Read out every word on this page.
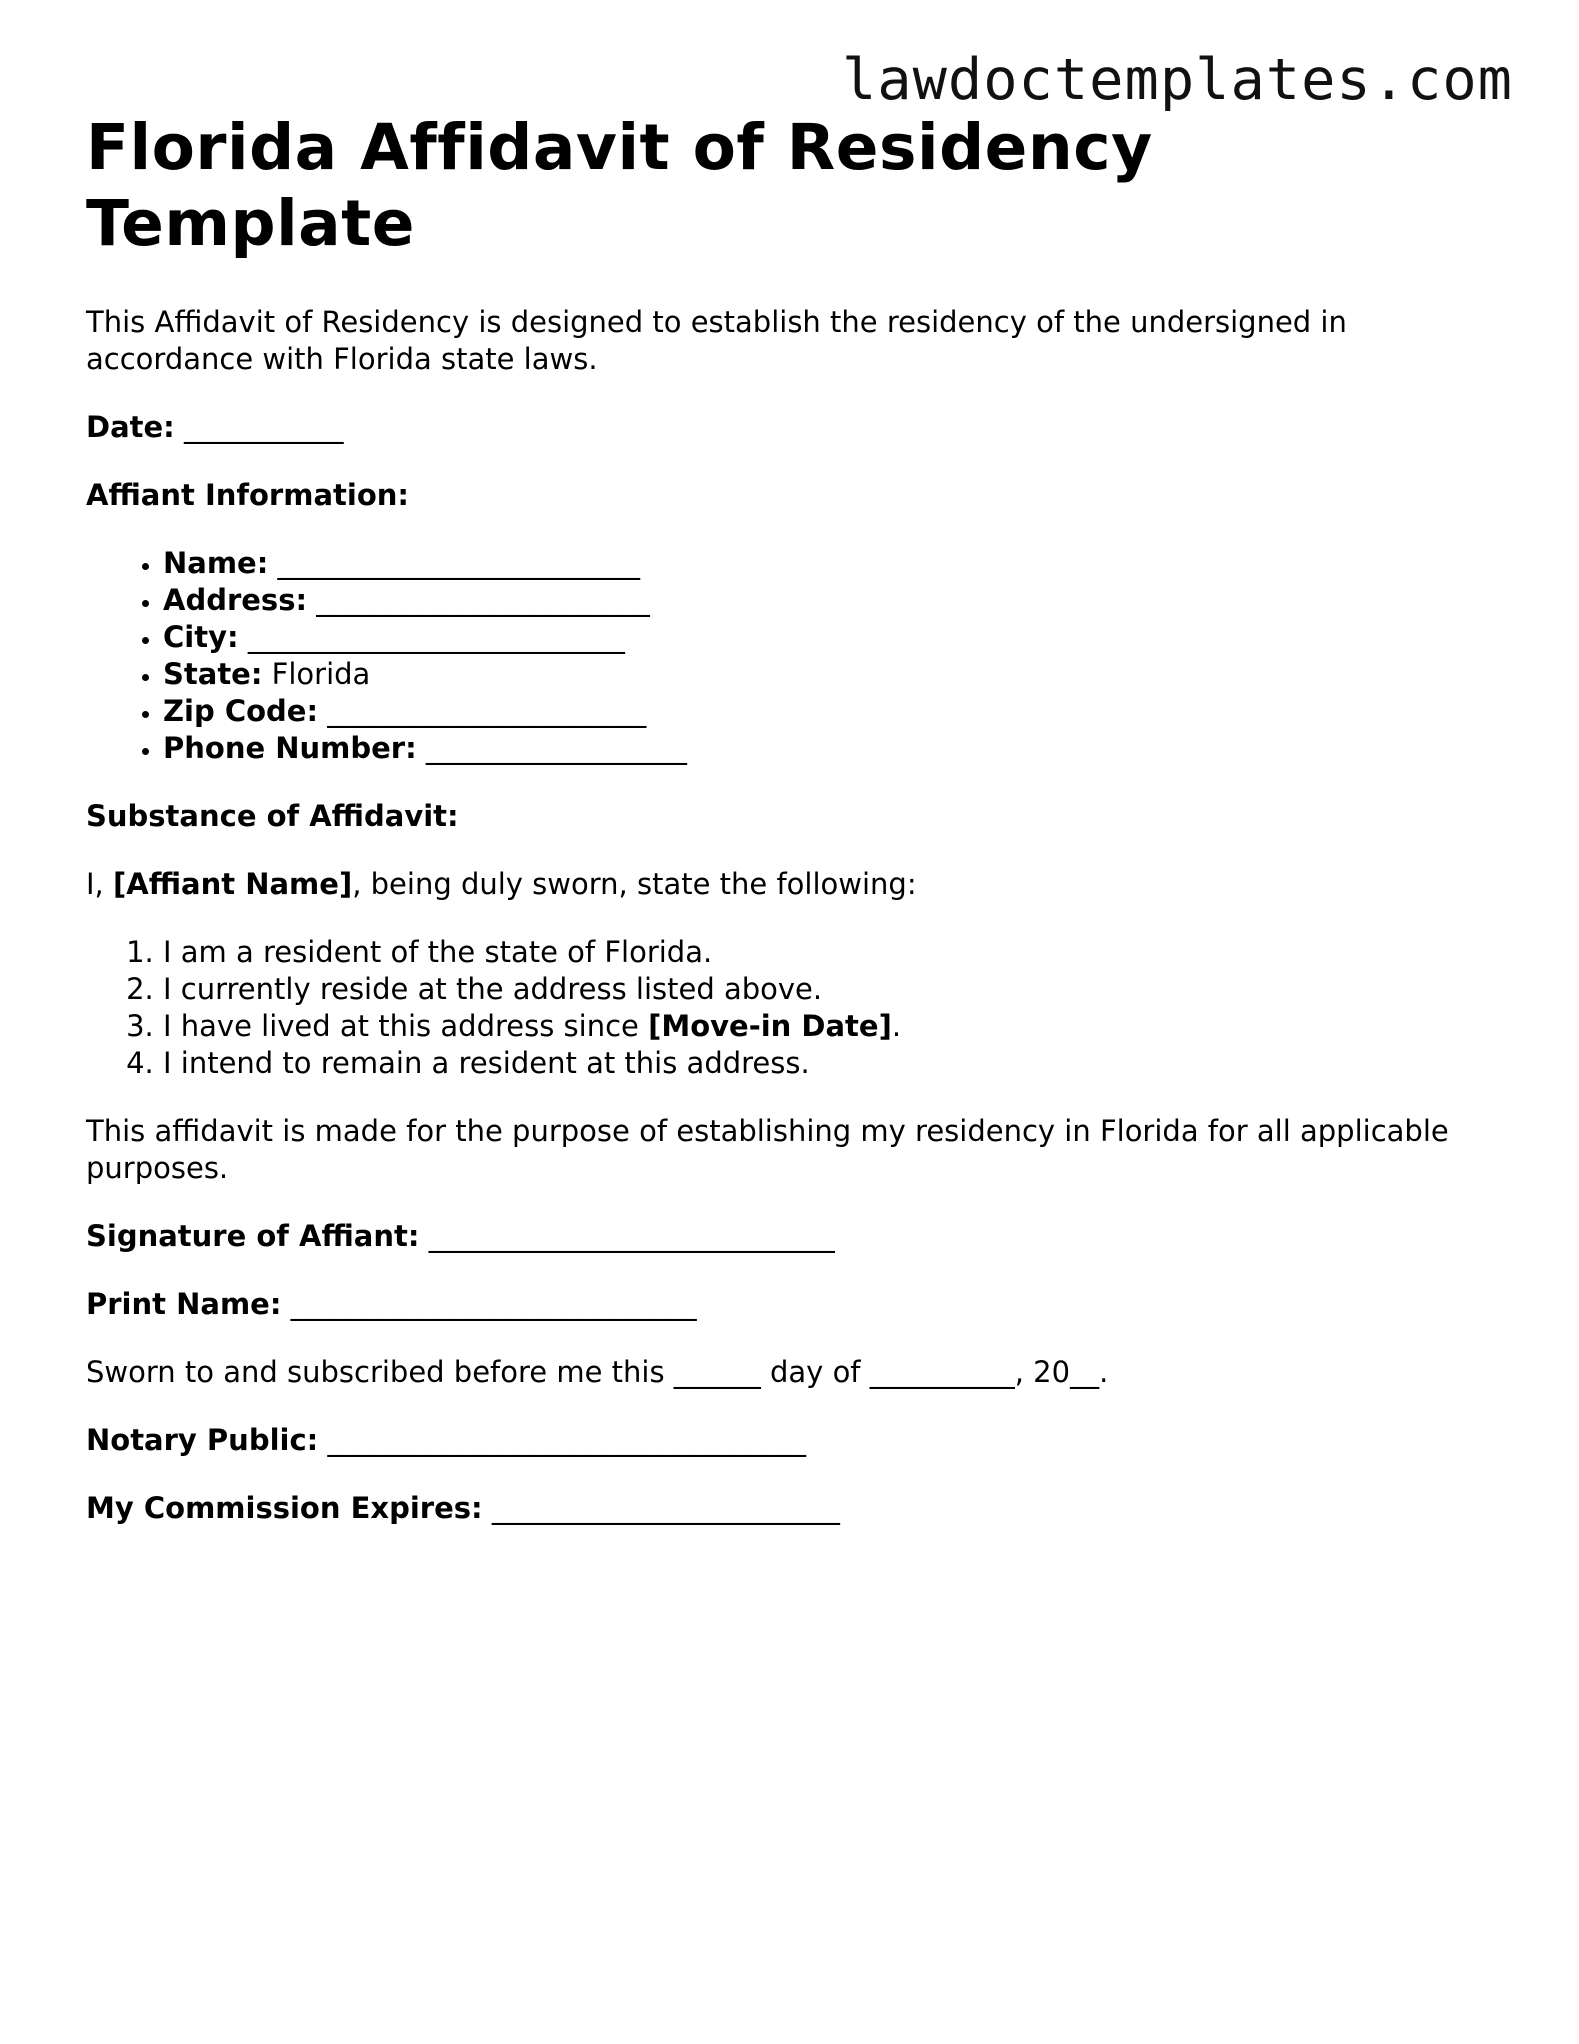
lawdoctemplates.com
Florida Affidavit of Residency Template

This Affidavit of Residency is designed to establish the residency of the undersigned in accordance with Florida state laws.

Date: ___________

Affiant Information:

• Name: _________________________
• Address: _______________________
• City: __________________________
• State: Florida
• Zip Code: ______________________
• Phone Number: __________________

Substance of Affidavit:

I, [Affiant Name], being duly sworn, state the following:

1. I am a resident of the state of Florida.
2. I currently reside at the address listed above.
3. I have lived at this address since [Move-in Date].
4. I intend to remain a resident at this address.

This affidavit is made for the purpose of establishing my residency in Florida for all applicable purposes.

Signature of Affiant: ____________________________

Print Name: ____________________________

Sworn to and subscribed before me this ______ day of __________, 20__.

Notary Public: _________________________________

My Commission Expires: ________________________
